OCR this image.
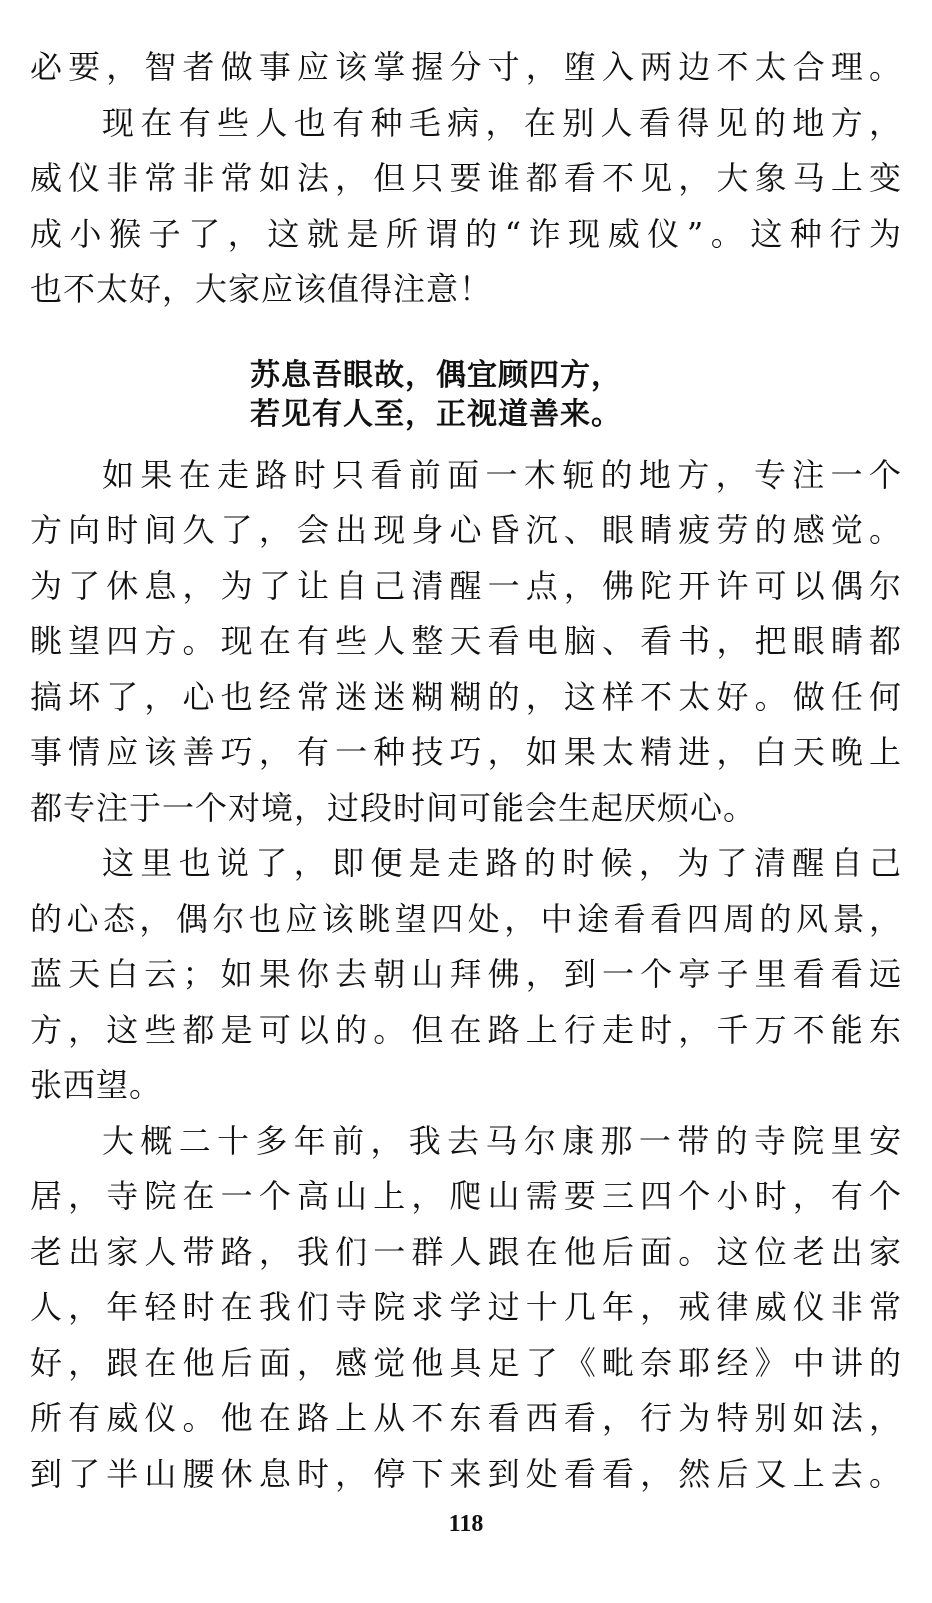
必要，智者做事应该掌握分寸，堕入两边不太合理。
现在有些人也有种毛病，在别人看得见的地方，
威仪非常非常如法，但只要谁都看不见，大象马上变
成小猴子了，这就是所谓的“诈现威仪”。这种行为
也不太好，大家应该值得注意！
苏息吾眼故，偶宜顾四方，
若见有人至，正视道善来。
如果在走路时只看前面一木轭的地方，专注一个
方向时间久了，会出现身心昏沉、眼睛疲劳的感觉。
为了休息，为了让自己清醒一点，佛陀开许可以偶尔
眺望四方。现在有些人整天看电脑、看书，把眼睛都
搞坏了，心也经常迷迷糊糊的，这样不太好。做任何
事情应该善巧，有一种技巧，如果太精进，白天晚上
都专注于一个对境，过段时间可能会生起厌烦心。
这里也说了，即便是走路的时候，为了清醒自己
的心态，偶尔也应该眺望四处，中途看看四周的风景，
蓝天白云；如果你去朝山拜佛，到一个亭子里看看远
方，这些都是可以的。但在路上行走时，千万不能东
张西望。
大概二十多年前，我去马尔康那一带的寺院里安
居，寺院在一个高山上，爬山需要三四个小时，有个
老出家人带路，我们一群人跟在他后面。这位老出家
人，年轻时在我们寺院求学过十几年，戒律威仪非常
好，跟在他后面，感觉他具足了《毗奈耶经》中讲的
所有威仪。他在路上从不东看西看，行为特别如法，
到了半山腰休息时，停下来到处看看，然后又上去。
118
